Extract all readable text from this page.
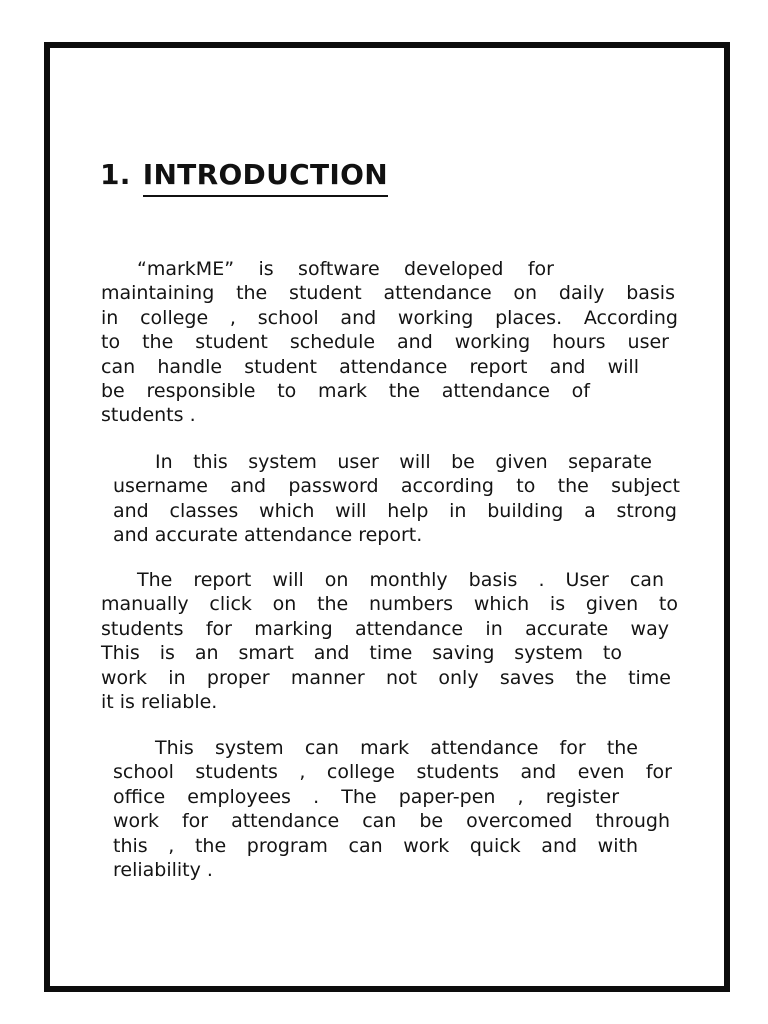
1. INTRODUCTION
“markME” is software developed for
maintaining the student attendance on daily basis
in college , school and working places. According
to the student schedule and working hours user
can handle student attendance report and will
be responsible to mark the attendance of
students .
In this system user will be given separate
username and password according to the subject
and classes which will help in building a strong
and accurate attendance report.
The report will on monthly basis . User can
manually click on the numbers which is given to
students for marking attendance in accurate way
This is an smart and time saving system to
work in proper manner not only saves the time
it is reliable.
This system can mark attendance for the
school students , college students and even for
office employees . The paper-pen , register
work for attendance can be overcomed through
this , the program can work quick and with
reliability .
